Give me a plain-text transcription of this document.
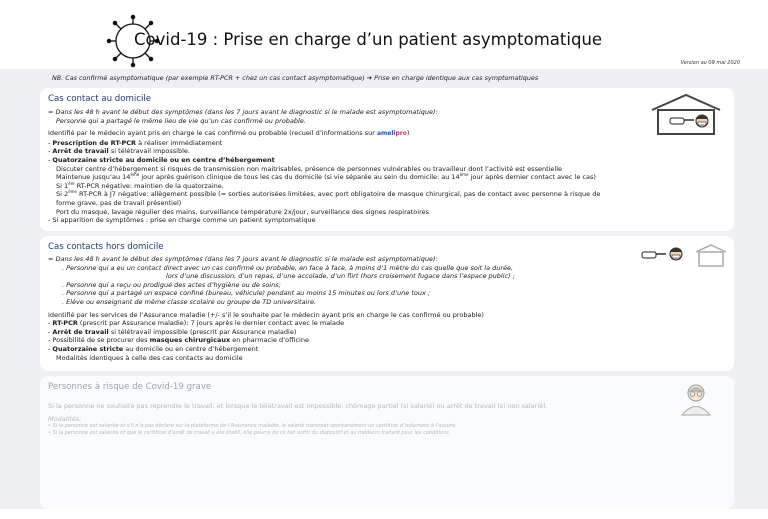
Covid-19 : Prise en charge d’un patient asymptomatique
Version au 09 mai 2020
NB. Cas confirmé asymptomatique (par exemple RT-PCR + chez un cas contact asymptomatique) ➔ Prise en charge identique aux cas symptomatiques
Cas contact au domicile
= Dans les 48 h avant le début des symptômes (dans les 7 jours avant le diagnostic si le malade est asymptomatique):
Personne qui a partagé le même lieu de vie qu’un cas confirmé ou probable.
Identifié par le médecin ayant pris en charge le cas confirmé ou probable (recueil d’informations sur amelipro)
- Prescription de RT-PCR à réaliser immédiatement
- Arrêt de travail si télétravail impossible.
- Quatorzaine stricte au domicile ou en centre d’hébergement
Discuter centre d’hébergement si risques de transmission non maitrisables, présence de personnes vulnérables ou travailleur dont l’activité est essentielle
Maintenue jusqu’au 14ème jour après guérison clinique de tous les cas du domicile (si vie séparée au sein du domicile: au 14ème jour après dernier contact avec le cas)
Si 1ère RT-PCR négative: maintien de la quatorzaine.
Si 2ème RT-PCR à J7 négative: allègement possible (= sorties autorisées limitées, avec port obligatoire de masque chirurgical, pas de contact avec personne à risque de
forme grave, pas de travail présentiel)
Port du masque, lavage régulier des mains, surveillance température 2x/jour, surveillance des signes respiratoires
- Si apparition de symptômes : prise en charge comme un patient symptomatique
Cas contacts hors domicile
= Dans les 48 h avant le début des symptômes (dans les 7 jours avant le diagnostic si le malade est asymptomatique):
. Personne qui a eu un contact direct avec un cas confirmé ou probable, en face à face, à moins d’1 mètre du cas quelle que soit la durée,
lors d’une discussion, d’un repas, d’une accolade, d’un flirt (hors croisement fugace dans l’espace public) ;
. Personne qui a reçu ou prodigué des actes d’hygiène ou de soins;
. Personne qui a partagé un espace confiné (bureau, véhicule) pendant au moins 15 minutes ou lors d’une toux ;
. Elève ou enseignant de même classe scolaire ou groupe de TD universitaire.
Identifié par les services de l’Assurance maladie (+/- s’il le souhaite par le médecin ayant pris en charge le cas confirmé ou probable)
- RT-PCR (prescrit par Assurance maladie): 7 jours après le dernier contact avec le malade
- Arrêt de travail si télétravail impossible (prescrit par Assurance maladie)
- Possibilité de se procurer des masques chirurgicaux en pharmacie d’officine
- Quatorzaine stricte au domicile ou en centre d’hébergement
Modalités identiques à celle des cas contacts au domicile
Personnes à risque de Covid-19 grave
Si la personne ne souhaite pas reprendre le travail, et lorsque le télétravail est impossible: chômage partiel (si salarié) ou arrêt de travail (si non salarié).
Modalités:
• Si la personne est salariée et s’il n’a pas déclaré sur la plateforme de l’Assurance maladie, le salarié transmet spontanément un certificat d’isolement à l’assuré.
• Si la personne est salariée et que le certificat d’arrêt de travail a été établi, elle pourra de ce fait sortir du dispositif et au médecin traitant pour les conditions
